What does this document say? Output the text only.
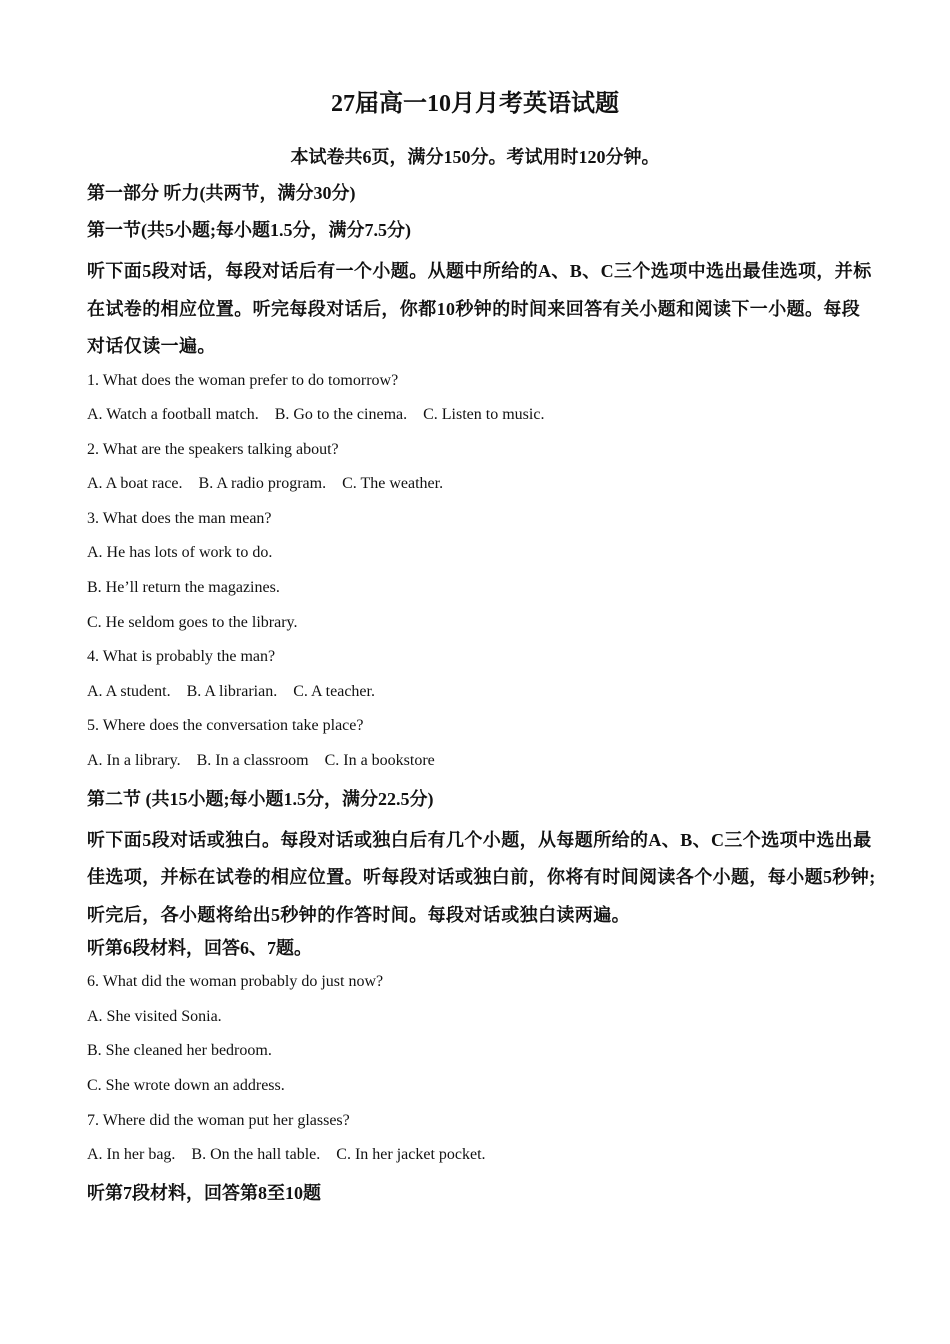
27届高一10月月考英语试题

本试卷共6页，满分150分。考试用时120分钟。

第一部分 听力(共两节，满分30分)

第一节(共5小题;每小题1.5分，满分7.5分)

听下面5段对话，每段对话后有一个小题。从题中所给的A、B、C三个选项中选出最佳选项，并标在试卷的相应位置。听完每段对话后，你都10秒钟的时间来回答有关小题和阅读下一小题。每段对话仅读一遍。

1. What does the woman prefer to do tomorrow?

A. Watch a football match.    B. Go to the cinema.    C. Listen to music.

2. What are the speakers talking about?

A. A boat race.    B. A radio program.    C. The weather.

3. What does the man mean?

A. He has lots of work to do.

B. He’ll return the magazines.

C. He seldom goes to the library.

4. What is probably the man?

A. A student.    B. A librarian.    C. A teacher.

5. Where does the conversation take place?

A. In a library.    B. In a classroom    C. In a bookstore

第二节 (共15小题;每小题1.5分，满分22.5分)

听下面5段对话或独白。每段对话或独白后有几个小题，从每题所给的A、B、C三个选项中选出最佳选项，并标在试卷的相应位置。听每段对话或独白前，你将有时间阅读各个小题，每小题5秒钟;听完后，各小题将给出5秒钟的作答时间。每段对话或独白读两遍。

听第6段材料，回答6、7题。

6. What did the woman probably do just now?

A. She visited Sonia.

B. She cleaned her bedroom.

C. She wrote down an address.

7. Where did the woman put her glasses?

A. In her bag.    B. On the hall table.    C. In her jacket pocket.

听第7段材料，回答第8至10题
